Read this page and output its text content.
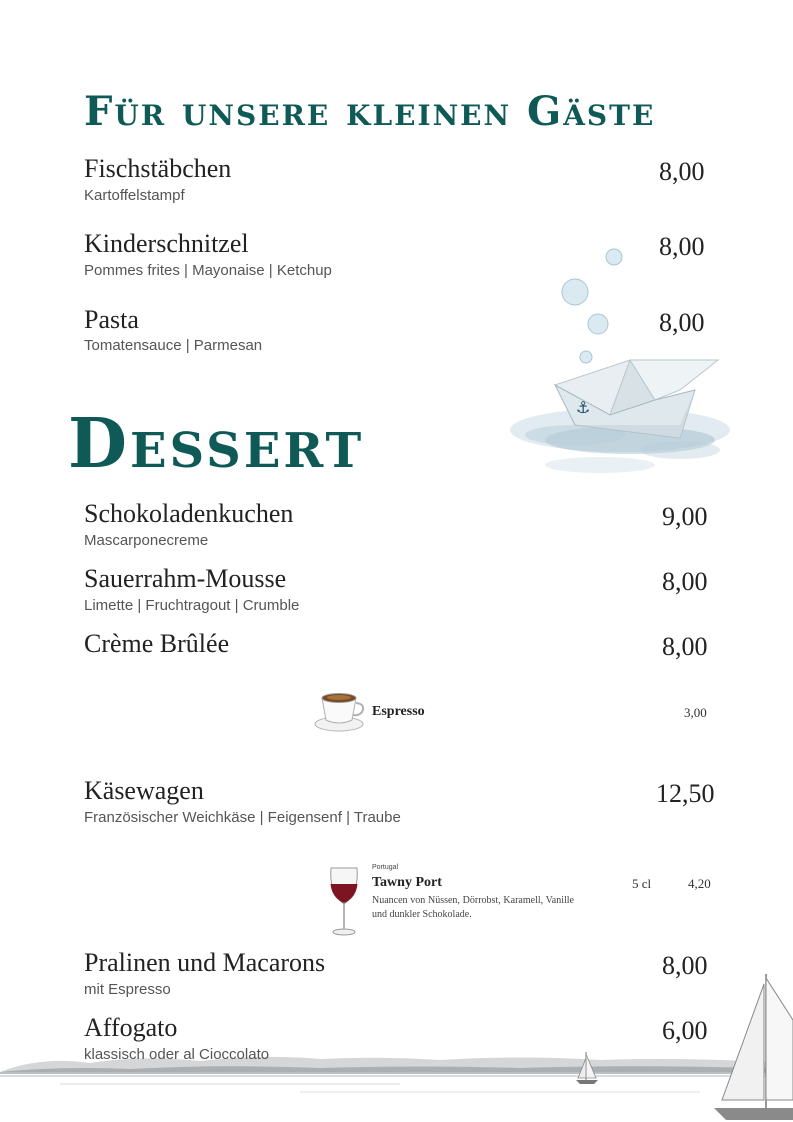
Für unsere kleinen Gäste
Fischstäbchen
Kartoffelstampf
8,00
Kinderschnitzel
Pommes frites | Mayonaise | Ketchup
8,00
Pasta
Tomatensauce | Parmesan
8,00
⚓
Dessert
Schokoladenkuchen
Mascarponecreme
9,00
Sauerrahm-Mousse
Limette | Fruchtragout | Crumble
8,00
Crème Brûlée	8,00
Espresso	3,00
Käsewagen
Französischer Weichkäse | Feigensenf | Traube
12,50
Portugal
Tawny Port
Nuancen von Nüssen, Dörrobst, Karamell, Vanille und dunkler Schokolade.
5 cl	4,20
Pralinen und Macarons
mit Espresso
8,00
Affogato
klassisch oder al Cioccolato
6,00
